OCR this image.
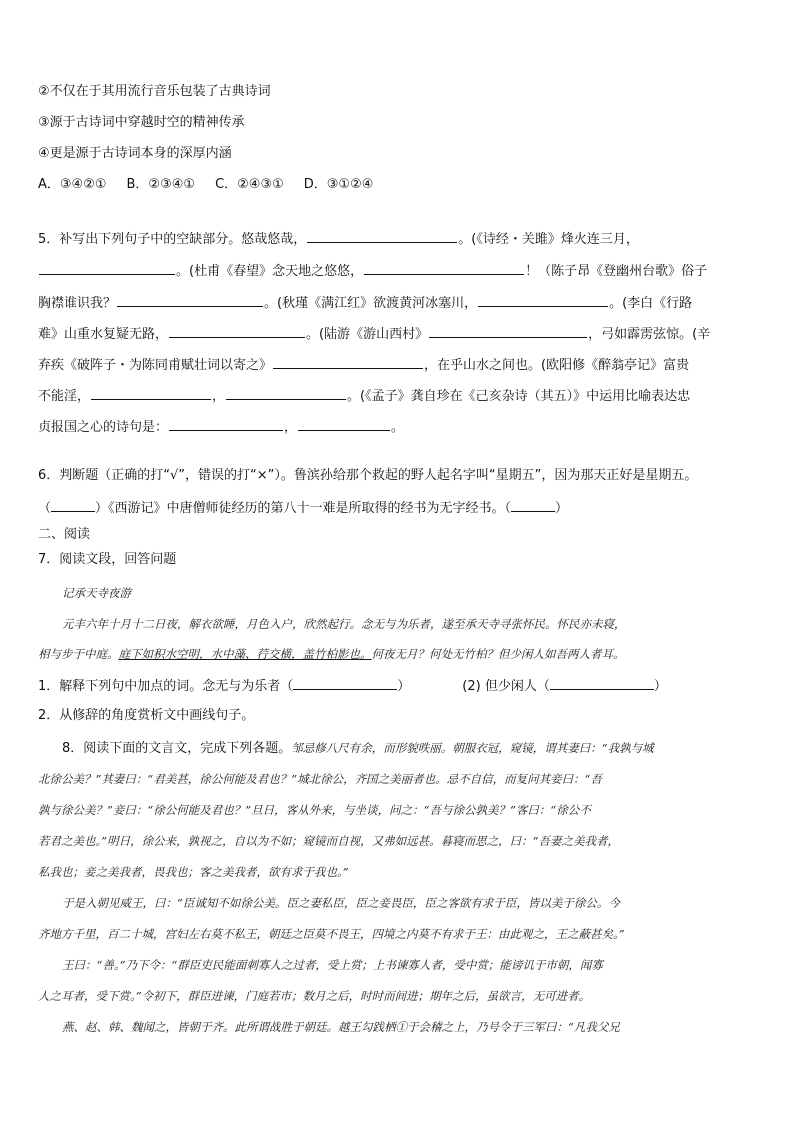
②不仅在于其用流行音乐包装了古典诗词
③源于古诗词中穿越时空的精神传承
④更是源于古诗词本身的深厚内涵
A．③④②① B．②③④① C．②④③① D．③①②④
5．补写出下列句子中的空缺部分。悠哉悠哉，	。(《诗经・关雎》烽火连三月，
。(杜甫《春望》念天地之悠悠，	！（陈子昂《登幽州台歌》俗子
胸襟谁识我？	。(秋瑾《满江红》欲渡黄河冰塞川，	。(李白《行路
难》山重水复疑无路，	。(陆游《游山西村》	，弓如霹雳弦惊。(辛
弃疾《破阵子・为陈同甫赋壮词以寄之》	，在乎山水之间也。(欧阳修《醉翁亭记》富贵
不能淫，	，	。(《孟子》龚自珍在《己亥杂诗（其五）》中运用比喻表达忠
贞报国之心的诗句是：	，	。
6．判断题（正确的打“√”，错误的打“×”）。鲁滨孙给那个救起的野人起名字叫“星期五”，因为那天正好是星期五。
（	）《西游记》中唐僧师徒经历的第八十一难是所取得的经书为无字经书。（	）
二、阅读
7．阅读文段，回答问题
记承天寺夜游
元丰六年十月十二日夜，解衣欲睡，月色入户，欣然起行。念无与为乐者，遂至承天寺寻张怀民。怀民亦未寝，
相与步于中庭。庭下如积水空明，水中藻、荇交横，盖竹柏影也。何夜无月？何处无竹柏？但少闲人如吾两人者耳。
1．解释下列句中加点的词。念无与为乐者（	）	(2) 但少闲人（	）
2．从修辞的角度赏析文中画线句子。
8．阅读下面的文言文，完成下列各题。邹忌修八尺有余，而形貌昳丽。朝服衣冠，窥镜，谓其妻曰：“我孰与城
北徐公美？”其妻曰：“君美甚，徐公何能及君也？”城北徐公，齐国之美丽者也。忌不自信，而复问其妾曰：“吾
孰与徐公美？”妾曰：“徐公何能及君也？”旦日，客从外来，与坐谈，问之：“吾与徐公孰美？”客曰：“徐公不
若君之美也。”明日，徐公来，孰视之，自以为不如；窥镜而自视，又弗如远甚。暮寝而思之，曰：“吾妻之美我者，
私我也；妾之美我者，畏我也；客之美我者，欲有求于我也。”
于是入朝见威王，曰：“臣诚知不如徐公美。臣之妻私臣，臣之妾畏臣，臣之客欲有求于臣，皆以美于徐公。今
齐地方千里，百二十城，宫妇左右莫不私王，朝廷之臣莫不畏王，四境之内莫不有求于王：由此观之，王之蔽甚矣。”
王曰：“善。”乃下令：“群臣吏民能面刺寡人之过者，受上赏；上书谏寡人者，受中赏；能谤讥于市朝，闻寡
人之耳者，受下赏。”令初下，群臣进谏，门庭若市；数月之后，时时而间进；期年之后，虽欲言，无可进者。
燕、赵、韩、魏闻之，皆朝于齐。此所谓战胜于朝廷。越王勾践栖①于会稽之上，乃号令于三军曰：“凡我父兄
